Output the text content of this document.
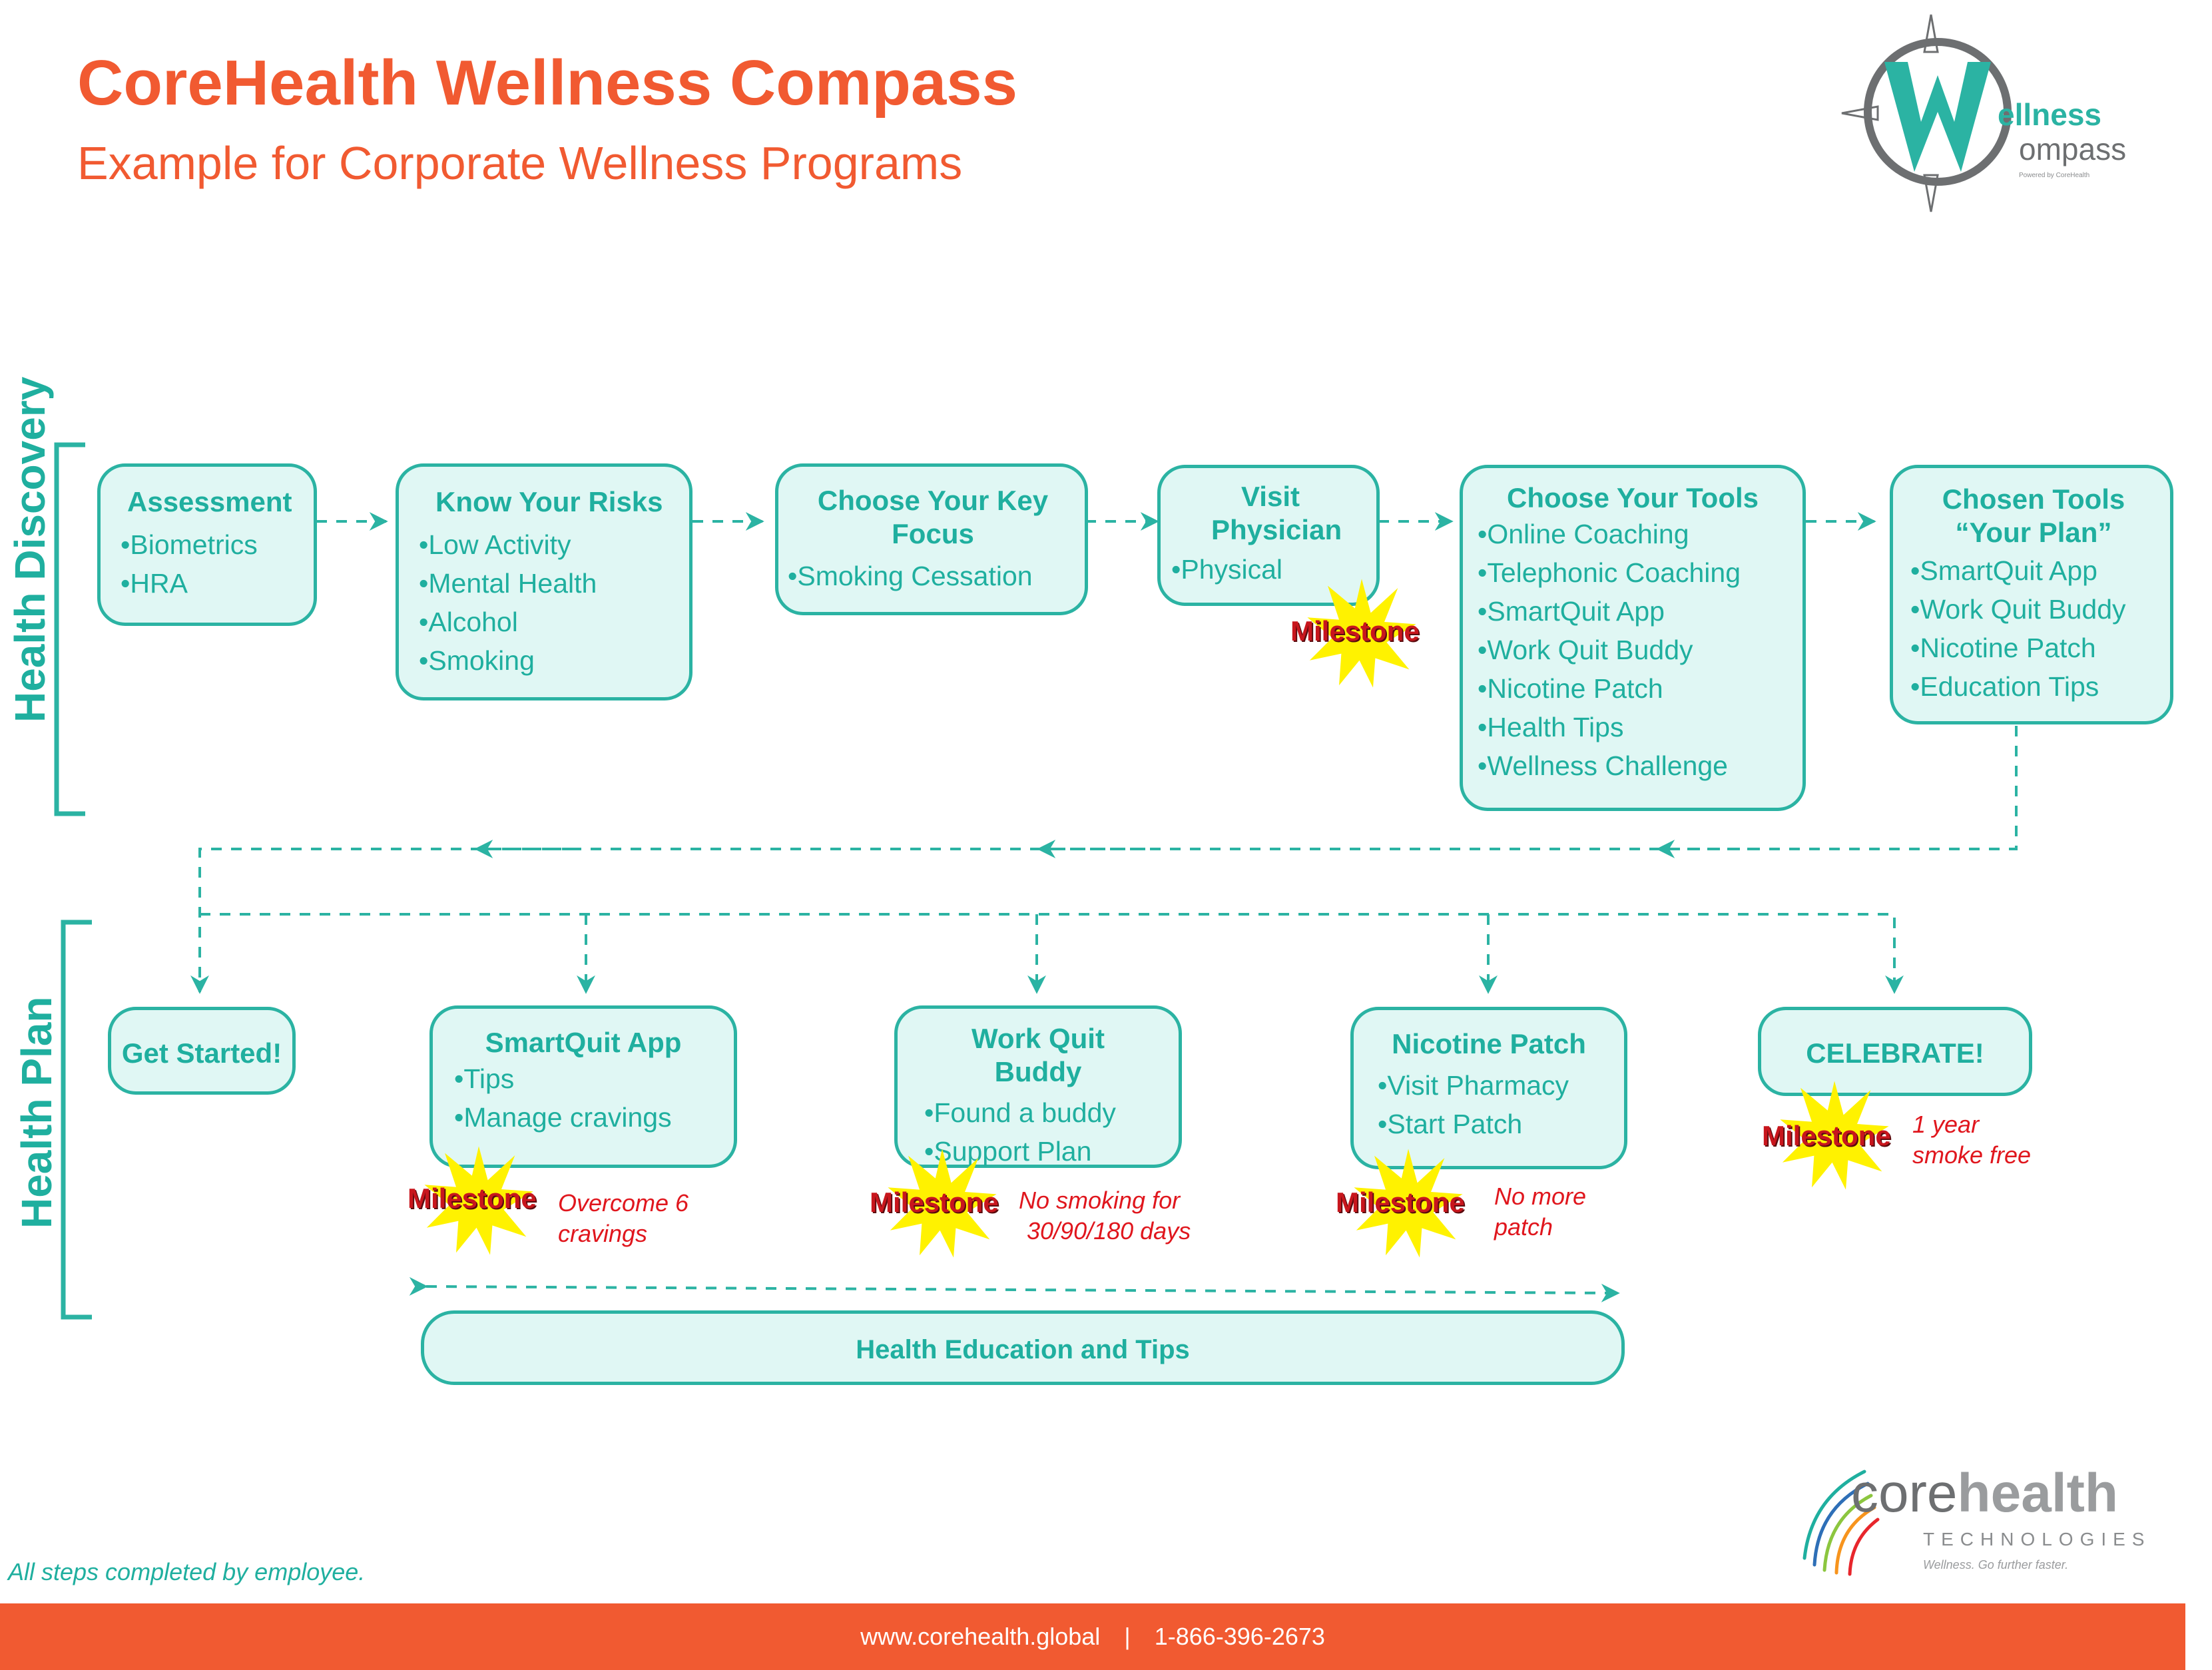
CoreHealth Wellness Compass
Example for Corporate Wellness Programs
ellness
ompass
Powered by CoreHealth
Health Discovery
Health Plan
Assessment
• Biometrics
• HRA
Know Your Risks
• Low Activity
• Mental Health
• Alcohol
• Smoking
Choose Your Key Focus
• Smoking Cessation
Visit Physician
• Physical
Choose Your Tools
• Online Coaching
• Telephonic Coaching
• SmartQuit App
• Work Quit Buddy
• Nicotine Patch
• Health Tips
• Wellness Challenge
Chosen Tools “Your Plan”
• SmartQuit App
• Work Quit Buddy
• Nicotine Patch
• Education Tips
Get Started!	SmartQuit App
• Tips
• Manage cravings
Work Quit Buddy
• Found a buddy
• Support Plan
Nicotine Patch
• Visit Pharmacy
• Start Patch
CELEBRATE!
Health Education and Tips
Milestone
Milestone	Milestone	Milestone
Milestone
Overcome 6
cravings
No smoking for
30/90/180 days
No more
patch
1 year
smoke free
corehealth
TECHNOLOGIES
Wellness. Go further faster.
All steps completed by employee.
www.corehealth.global | 1-866-396-2673
